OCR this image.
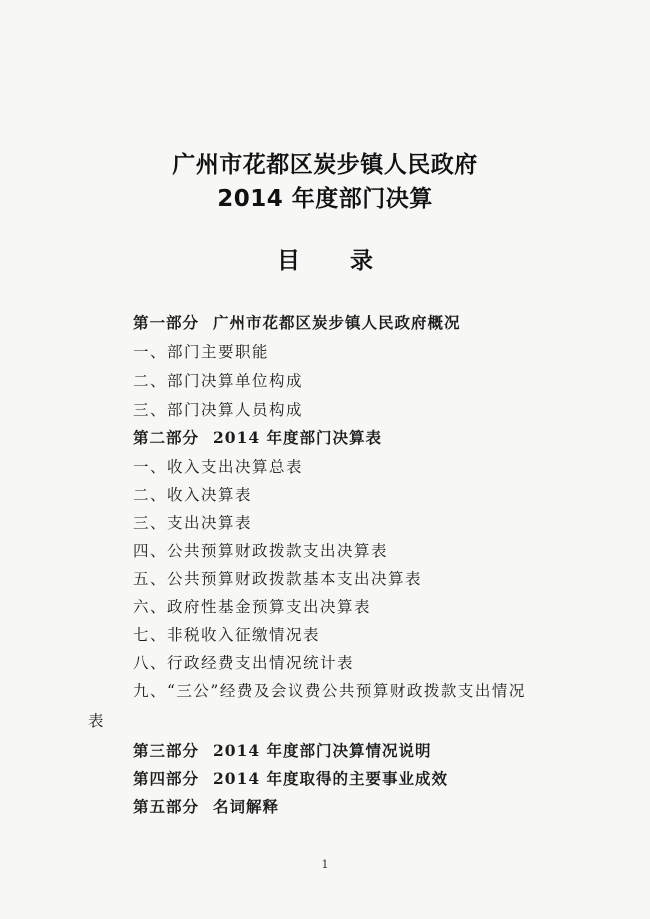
广州市花都区炭步镇人民政府
2014 年度部门决算
目 录
第一部分 广州市花都区炭步镇人民政府概况
一、部门主要职能
二、部门决算单位构成
三、部门决算人员构成
第二部分 2014 年度部门决算表
一、收入支出决算总表
二、收入决算表
三、支出决算表
四、公共预算财政拨款支出决算表
五、公共预算财政拨款基本支出决算表
六、政府性基金预算支出决算表
七、非税收入征缴情况表
八、行政经费支出情况统计表
九、“三公”经费及会议费公共预算财政拨款支出情况
表
第三部分 2014 年度部门决算情况说明
第四部分 2014 年度取得的主要事业成效
第五部分 名词解释
1
